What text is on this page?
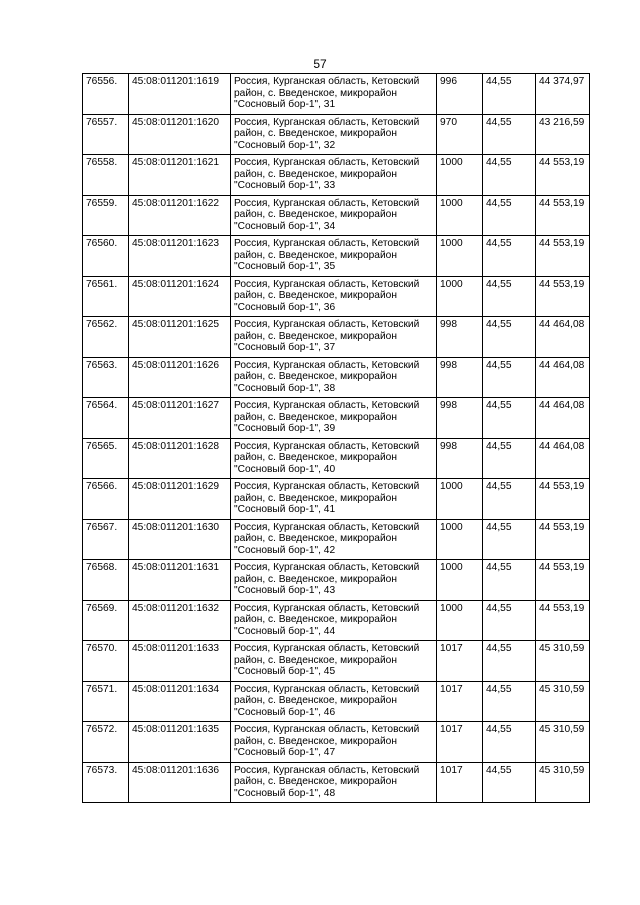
57
76556.	45:08:011201:1619	Россия, Курганская область, Кетовский район, с. Введенское, микрорайон "Сосновый бор-1", 31	996	44,55	44 374,97
76557.	45:08:011201:1620	Россия, Курганская область, Кетовский район, с. Введенское, микрорайон "Сосновый бор-1", 32	970	44,55	43 216,59
76558.	45:08:011201:1621	Россия, Курганская область, Кетовский район, с. Введенское, микрорайон "Сосновый бор-1", 33	1000	44,55	44 553,19
76559.	45:08:011201:1622	Россия, Курганская область, Кетовский район, с. Введенское, микрорайон "Сосновый бор-1", 34	1000	44,55	44 553,19
76560.	45:08:011201:1623	Россия, Курганская область, Кетовский район, с. Введенское, микрорайон "Сосновый бор-1", 35	1000	44,55	44 553,19
76561.	45:08:011201:1624	Россия, Курганская область, Кетовский район, с. Введенское, микрорайон "Сосновый бор-1", 36	1000	44,55	44 553,19
76562.	45:08:011201:1625	Россия, Курганская область, Кетовский район, с. Введенское, микрорайон "Сосновый бор-1", 37	998	44,55	44 464,08
76563.	45:08:011201:1626	Россия, Курганская область, Кетовский район, с. Введенское, микрорайон "Сосновый бор-1", 38	998	44,55	44 464,08
76564.	45:08:011201:1627	Россия, Курганская область, Кетовский район, с. Введенское, микрорайон "Сосновый бор-1", 39	998	44,55	44 464,08
76565.	45:08:011201:1628	Россия, Курганская область, Кетовский район, с. Введенское, микрорайон "Сосновый бор-1", 40	998	44,55	44 464,08
76566.	45:08:011201:1629	Россия, Курганская область, Кетовский район, с. Введенское, микрорайон "Сосновый бор-1", 41	1000	44,55	44 553,19
76567.	45:08:011201:1630	Россия, Курганская область, Кетовский район, с. Введенское, микрорайон "Сосновый бор-1", 42	1000	44,55	44 553,19
76568.	45:08:011201:1631	Россия, Курганская область, Кетовский район, с. Введенское, микрорайон "Сосновый бор-1", 43	1000	44,55	44 553,19
76569.	45:08:011201:1632	Россия, Курганская область, Кетовский район, с. Введенское, микрорайон "Сосновый бор-1", 44	1000	44,55	44 553,19
76570.	45:08:011201:1633	Россия, Курганская область, Кетовский район, с. Введенское, микрорайон "Сосновый бор-1", 45	1017	44,55	45 310,59
76571.	45:08:011201:1634	Россия, Курганская область, Кетовский район, с. Введенское, микрорайон "Сосновый бор-1", 46	1017	44,55	45 310,59
76572.	45:08:011201:1635	Россия, Курганская область, Кетовский район, с. Введенское, микрорайон "Сосновый бор-1", 47	1017	44,55	45 310,59
76573.	45:08:011201:1636	Россия, Курганская область, Кетовский район, с. Введенское, микрорайон "Сосновый бор-1", 48	1017	44,55	45 310,59
